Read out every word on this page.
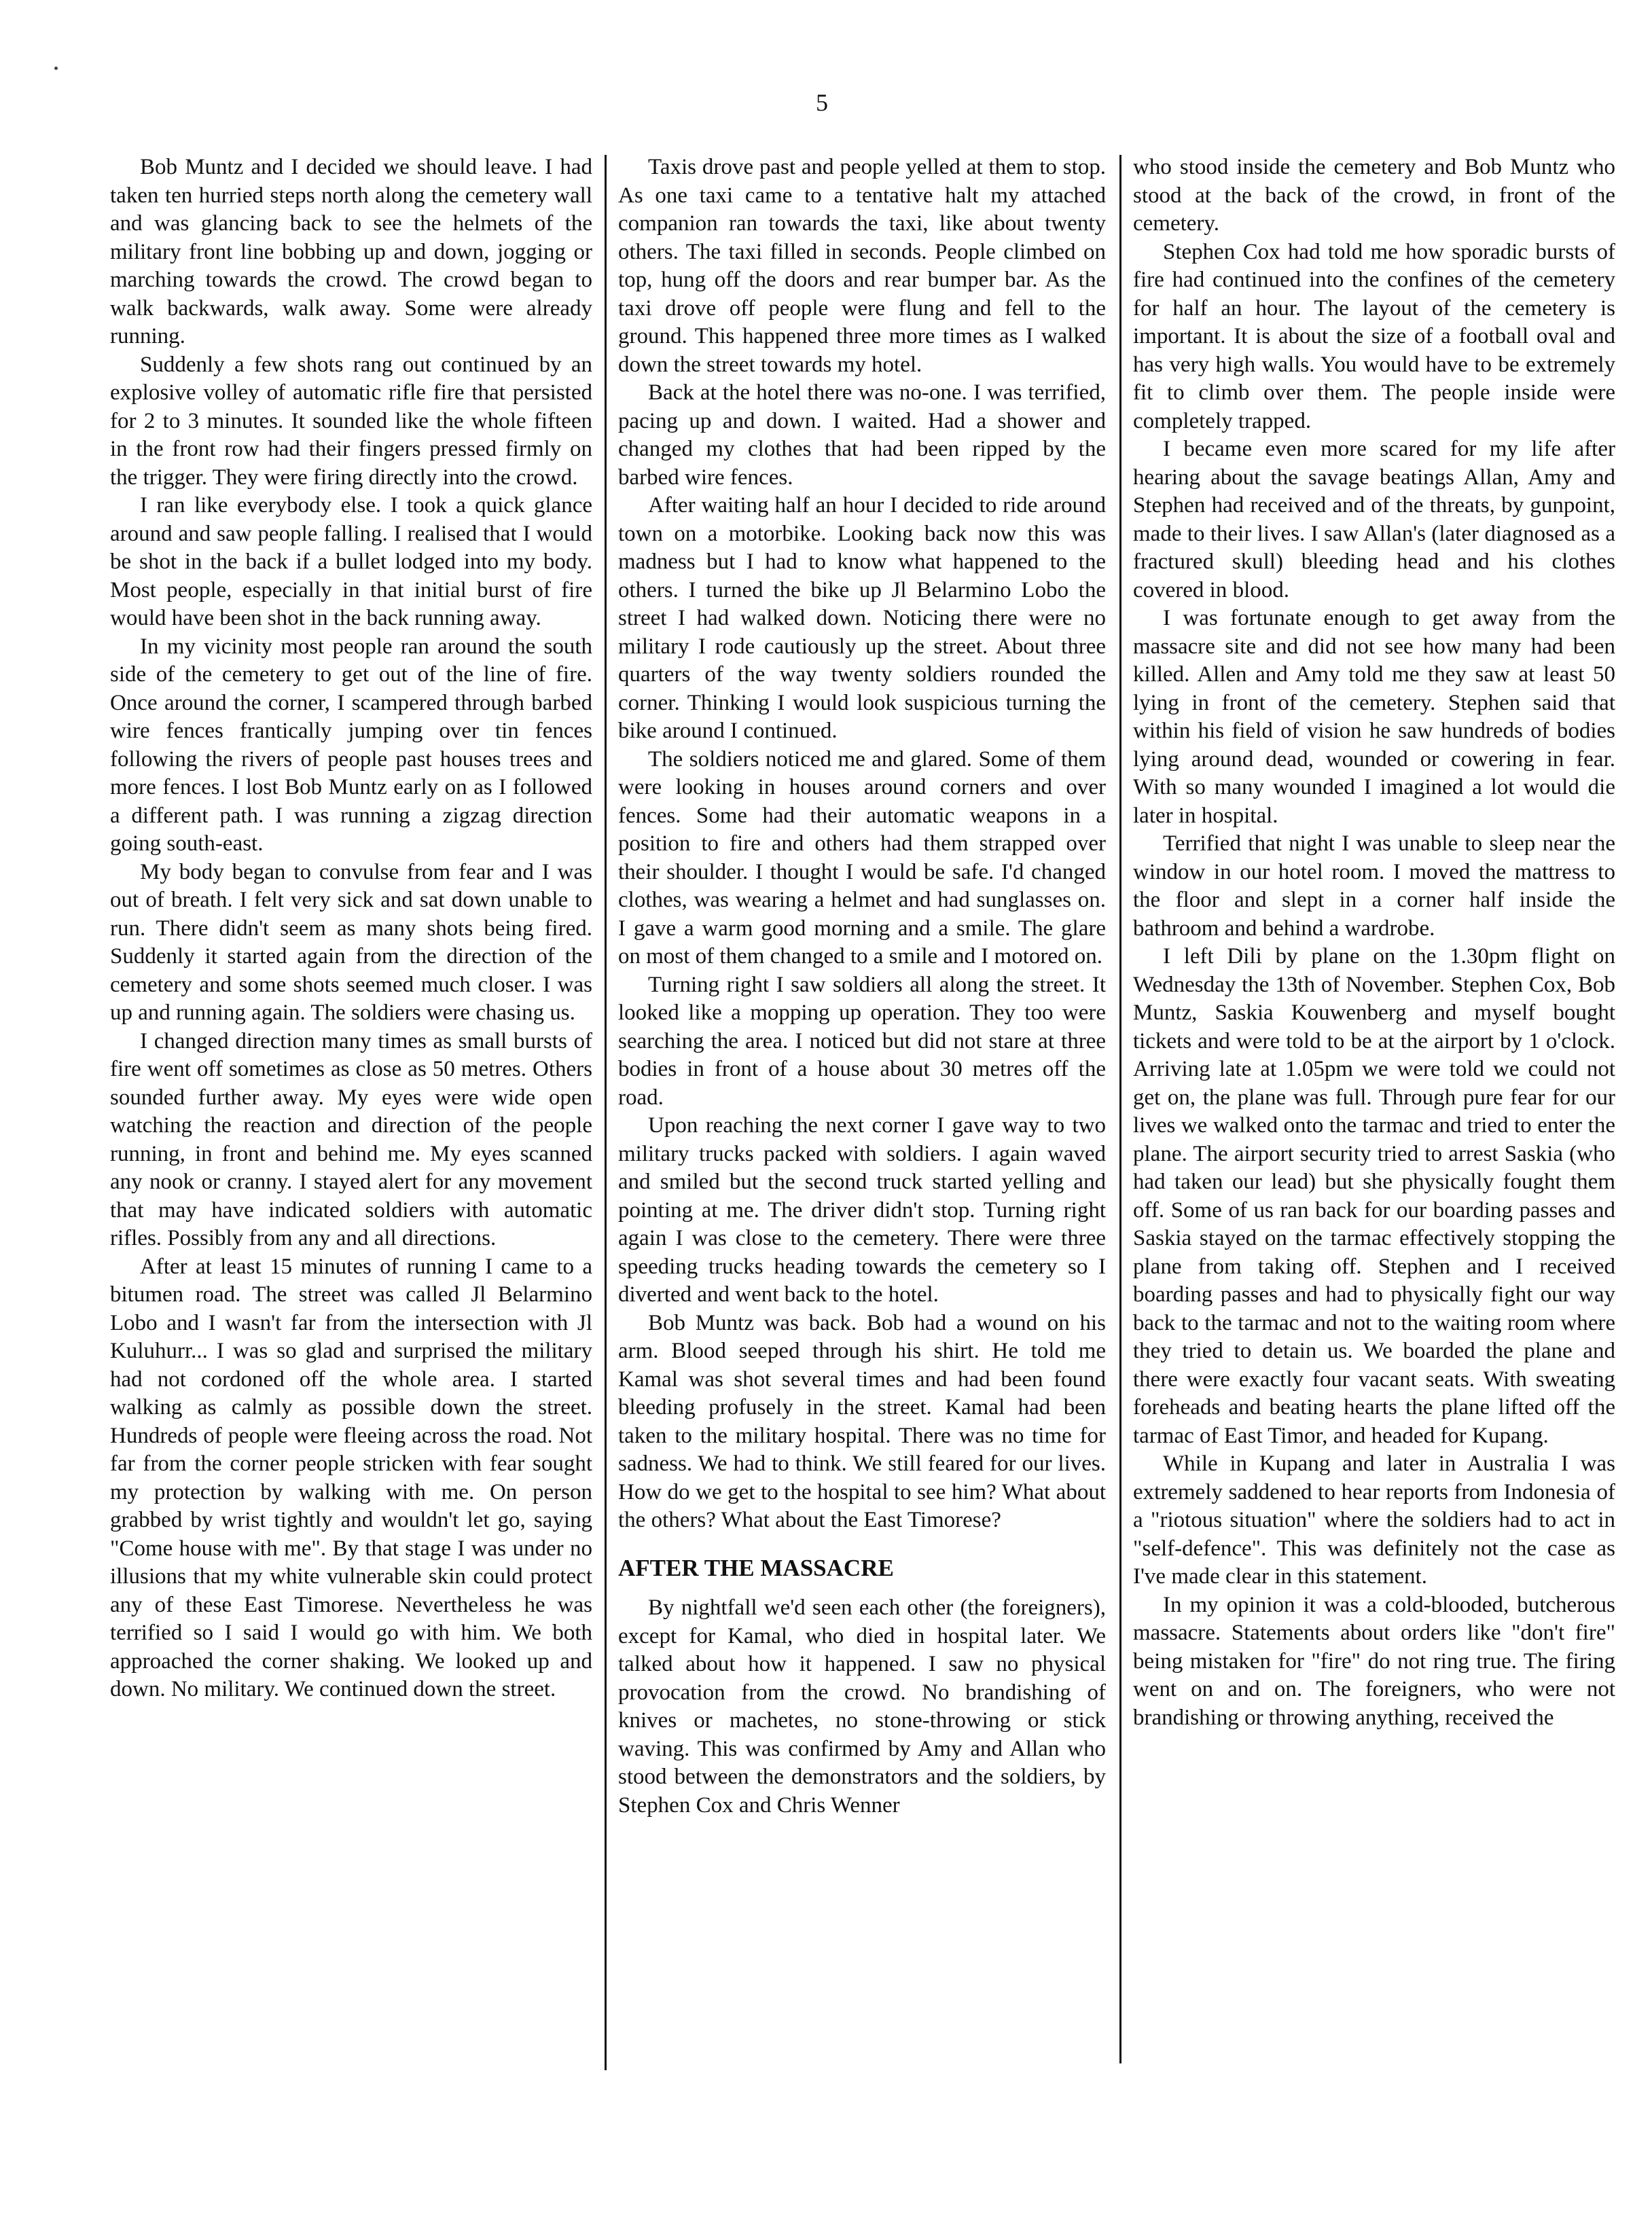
5

Bob Muntz and I decided we should leave. I had taken ten hurried steps north along the cemetery wall and was glancing back to see the helmets of the military front line bobbing up and down, jogging or marching towards the crowd. The crowd began to walk backwards, walk away. Some were already running.

Suddenly a few shots rang out continued by an explosive volley of automatic rifle fire that persisted for 2 to 3 minutes. It sounded like the whole fifteen in the front row had their fingers pressed firmly on the trigger. They were firing directly into the crowd.

I ran like everybody else. I took a quick glance around and saw people falling. I realised that I would be shot in the back if a bullet lodged into my body. Most people, especially in that initial burst of fire would have been shot in the back running away.

In my vicinity most people ran around the south side of the cemetery to get out of the line of fire. Once around the corner, I scampered through barbed wire fences frantically jumping over tin fences following the rivers of people past houses trees and more fences. I lost Bob Muntz early on as I followed a different path. I was running a zigzag direction going south-east.

My body began to convulse from fear and I was out of breath. I felt very sick and sat down unable to run. There didn't seem as many shots being fired. Suddenly it started again from the direction of the cemetery and some shots seemed much closer. I was up and running again. The soldiers were chasing us.

I changed direction many times as small bursts of fire went off sometimes as close as 50 metres. Others sounded further away. My eyes were wide open watching the reaction and direction of the people running, in front and behind me. My eyes scanned any nook or cranny. I stayed alert for any movement that may have indicated soldiers with automatic rifles. Possibly from any and all directions.

After at least 15 minutes of running I came to a bitumen road. The street was called Jl Belarmino Lobo and I wasn't far from the intersection with Jl Kuluhurr... I was so glad and surprised the military had not cordoned off the whole area. I started walking as calmly as possible down the street. Hundreds of people were fleeing across the road. Not far from the corner people stricken with fear sought my protection by walking with me. On person grabbed by wrist tightly and wouldn't let go, saying "Come house with me". By that stage I was under no illusions that my white vulnerable skin could protect any of these East Timorese. Nevertheless he was terrified so I said I would go with him. We both approached the corner shaking. We looked up and down. No military. We continued down the street.

Taxis drove past and people yelled at them to stop. As one taxi came to a tentative halt my attached companion ran towards the taxi, like about twenty others. The taxi filled in seconds. People climbed on top, hung off the doors and rear bumper bar. As the taxi drove off people were flung and fell to the ground. This happened three more times as I walked down the street towards my hotel.

Back at the hotel there was no-one. I was terrified, pacing up and down. I waited. Had a shower and changed my clothes that had been ripped by the barbed wire fences.

After waiting half an hour I decided to ride around town on a motorbike. Looking back now this was madness but I had to know what happened to the others. I turned the bike up Jl Belarmino Lobo the street I had walked down. Noticing there were no military I rode cautiously up the street. About three quarters of the way twenty soldiers rounded the corner. Thinking I would look suspicious turning the bike around I continued.

The soldiers noticed me and glared. Some of them were looking in houses around corners and over fences. Some had their automatic weapons in a position to fire and others had them strapped over their shoulder. I thought I would be safe. I'd changed clothes, was wearing a helmet and had sunglasses on. I gave a warm good morning and a smile. The glare on most of them changed to a smile and I motored on.

Turning right I saw soldiers all along the street. It looked like a mopping up operation. They too were searching the area. I noticed but did not stare at three bodies in front of a house about 30 metres off the road.

Upon reaching the next corner I gave way to two military trucks packed with soldiers. I again waved and smiled but the second truck started yelling and pointing at me. The driver didn't stop. Turning right again I was close to the cemetery. There were three speeding trucks heading towards the cemetery so I diverted and went back to the hotel.

Bob Muntz was back. Bob had a wound on his arm. Blood seeped through his shirt. He told me Kamal was shot several times and had been found bleeding profusely in the street. Kamal had been taken to the military hospital. There was no time for sadness. We had to think. We still feared for our lives. How do we get to the hospital to see him? What about the others? What about the East Timorese?

AFTER THE MASSACRE

By nightfall we'd seen each other (the foreigners), except for Kamal, who died in hospital later. We talked about how it happened. I saw no physical provocation from the crowd. No brandishing of knives or machetes, no stone-throwing or stick waving. This was confirmed by Amy and Allan who stood between the demonstrators and the soldiers, by Stephen Cox and Chris Wenner

who stood inside the cemetery and Bob Muntz who stood at the back of the crowd, in front of the cemetery.

Stephen Cox had told me how sporadic bursts of fire had continued into the confines of the cemetery for half an hour. The layout of the cemetery is important. It is about the size of a football oval and has very high walls. You would have to be extremely fit to climb over them. The people inside were completely trapped.

I became even more scared for my life after hearing about the savage beatings Allan, Amy and Stephen had received and of the threats, by gunpoint, made to their lives. I saw Allan's (later diagnosed as a fractured skull) bleeding head and his clothes covered in blood.

I was fortunate enough to get away from the massacre site and did not see how many had been killed. Allen and Amy told me they saw at least 50 lying in front of the cemetery. Stephen said that within his field of vision he saw hundreds of bodies lying around dead, wounded or cowering in fear. With so many wounded I imagined a lot would die later in hospital.

Terrified that night I was unable to sleep near the window in our hotel room. I moved the mattress to the floor and slept in a corner half inside the bathroom and behind a wardrobe.

I left Dili by plane on the 1.30pm flight on Wednesday the 13th of November. Stephen Cox, Bob Muntz, Saskia Kouwenberg and myself bought tickets and were told to be at the airport by 1 o'clock. Arriving late at 1.05pm we were told we could not get on, the plane was full. Through pure fear for our lives we walked onto the tarmac and tried to enter the plane. The airport security tried to arrest Saskia (who had taken our lead) but she physically fought them off. Some of us ran back for our boarding passes and Saskia stayed on the tarmac effectively stopping the plane from taking off. Stephen and I received boarding passes and had to physically fight our way back to the tarmac and not to the waiting room where they tried to detain us. We boarded the plane and there were exactly four vacant seats. With sweating foreheads and beating hearts the plane lifted off the tarmac of East Timor, and headed for Kupang.

While in Kupang and later in Australia I was extremely saddened to hear reports from Indonesia of a "riotous situation" where the soldiers had to act in "self-defence". This was definitely not the case as I've made clear in this statement.

In my opinion it was a cold-blooded, butcherous massacre. Statements about orders like "don't fire" being mistaken for "fire" do not ring true. The firing went on and on. The foreigners, who were not brandishing or throwing anything, received the
